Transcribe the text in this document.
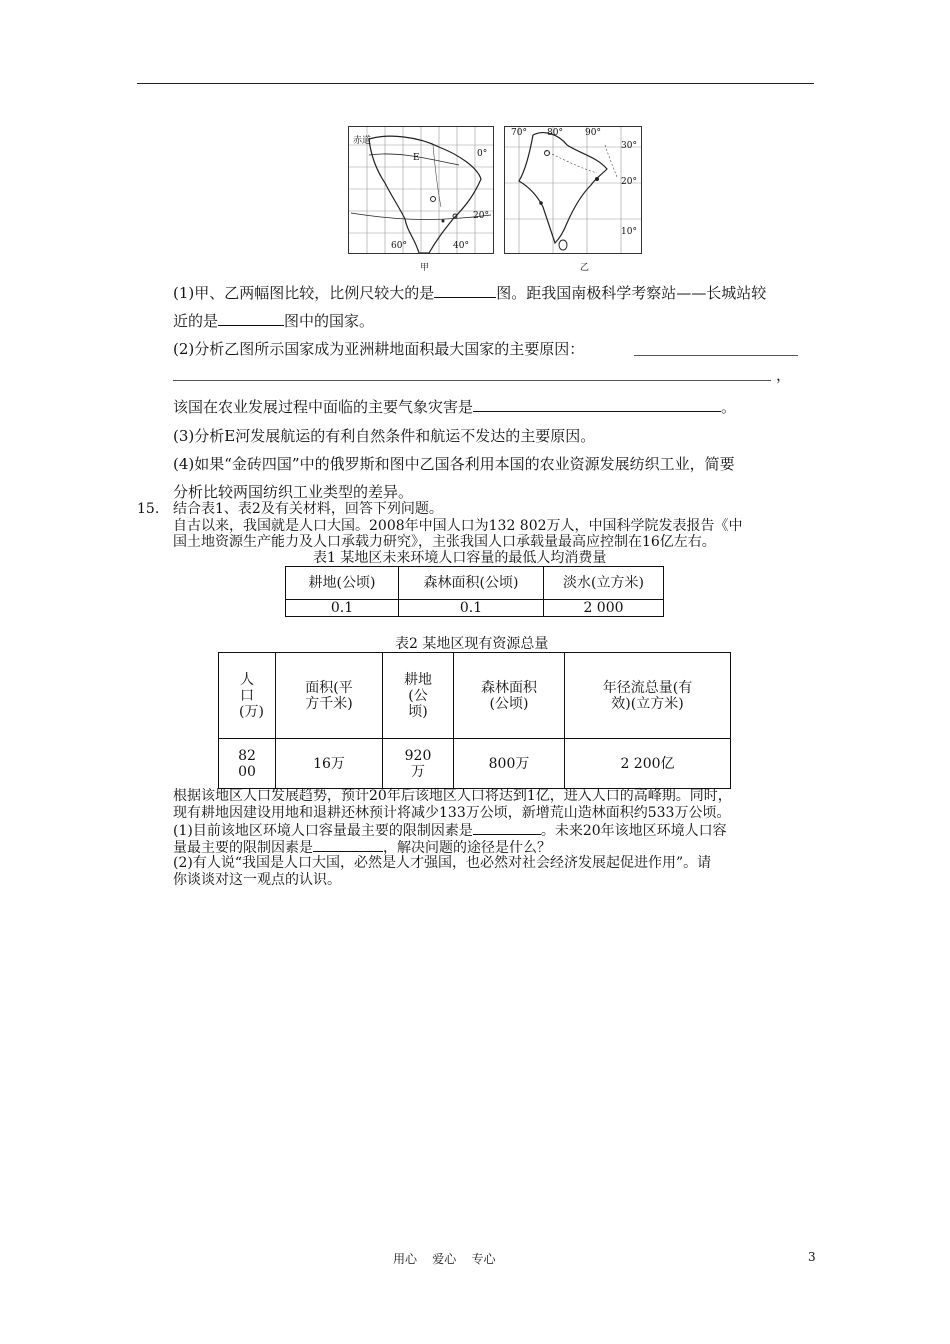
赤道
E	0°
20°
60°	40°
70° 80° 90°
30°
20°
10°
甲	乙
(1)甲、乙两幅图比较，比例尺较大的是	图。距我国南极科学考察站——长城站较
近的是	图中的国家。
(2)分析乙图所示国家成为亚洲耕地面积最大国家的主要原因：
，
该国在农业发展过程中面临的主要气象灾害是	。
(3)分析E河发展航运的有利自然条件和航运不发达的主要原因。
(4)如果“金砖四国”中的俄罗斯和图中乙国各利用本国的农业资源发展纺织工业，简要
分析比较两国纺织工业类型的差异。
15. 结合表1、表2及有关材料，回答下列问题。
自古以来，我国就是人口大国。2008年中国人口为132 802万人，中国科学院发表报告《中
国土地资源生产能力及人口承载力研究》，主张我国人口承载量最高应控制在16亿左右。
表1 某地区未来环境人口容量的最低人均消费量
耕地(公顷)	森林面积(公顷)	淡水(立方米)
0.1	0.1	2 000
表2 某地区现有资源总量
人口(万)	面积(平方千米)	耕地(公顷)	森林面积(公顷)	年径流总量(有效)(立方米)
8200	16万	920万	800万	2 200亿
根据该地区人口发展趋势，预计20年后该地区人口将达到1亿，进入人口的高峰期。同时，
现有耕地因建设用地和退耕还林预计将减少133万公顷，新增荒山造林面积约533万公顷。
(1)目前该地区环境人口容量最主要的限制因素是	。未来20年该地区环境人口容
量最主要的限制因素是	，解决问题的途径是什么？
(2)有人说“我国是人口大国，必然是人才强国，也必然对社会经济发展起促进作用”。请
你谈谈对这一观点的认识。
用心    爱心    专心	3
